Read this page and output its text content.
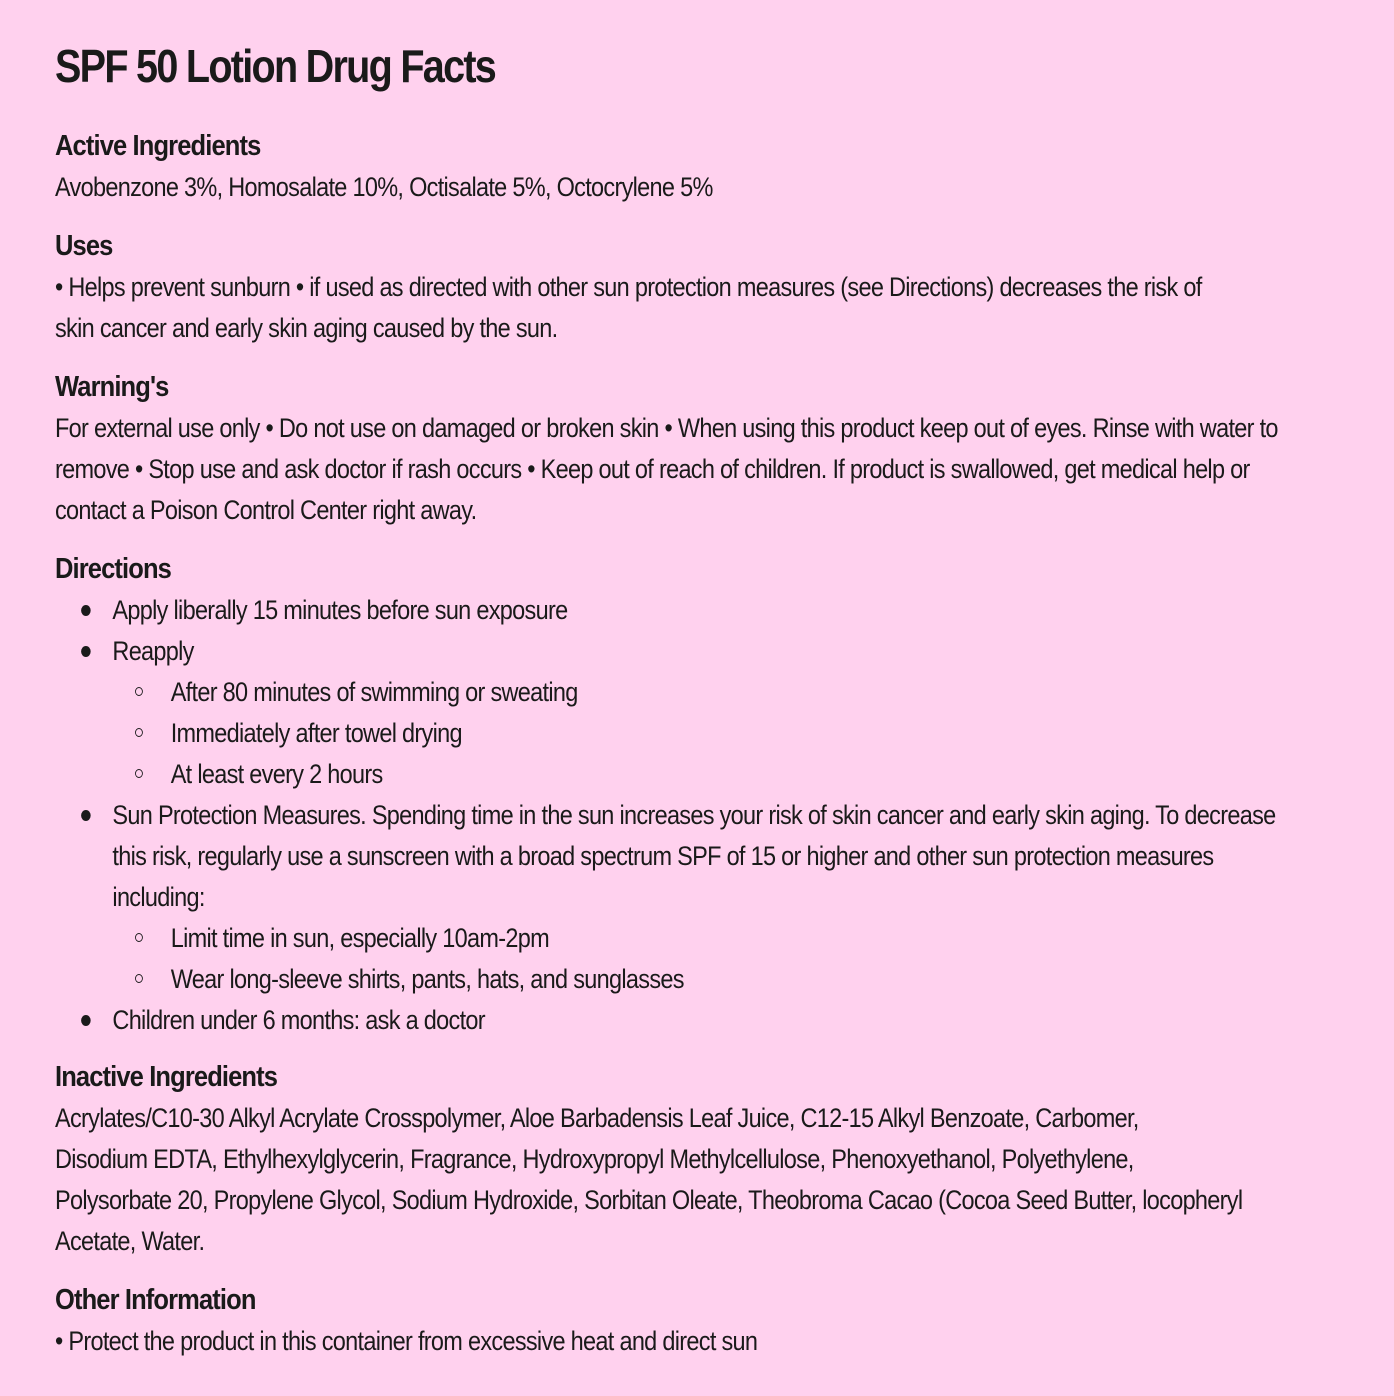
SPF 50 Lotion Drug Facts
Active Ingredients
Avobenzone 3%, Homosalate 10%, Octisalate 5%, Octocrylene 5%
Uses
• Helps prevent sunburn • if used as directed with other sun protection measures (see Directions) decreases the risk of
skin cancer and early skin aging caused by the sun.
Warning's
For external use only • Do not use on damaged or broken skin • When using this product keep out of eyes. Rinse with water to
remove • Stop use and ask doctor if rash occurs • Keep out of reach of children. If product is swallowed, get medical help or
contact a Poison Control Center right away.
Directions
Apply liberally 15 minutes before sun exposure
Reapply
After 80 minutes of swimming or sweating
Immediately after towel drying
At least every 2 hours
Sun Protection Measures. Spending time in the sun increases your risk of skin cancer and early skin aging. To decrease
this risk, regularly use a sunscreen with a broad spectrum SPF of 15 or higher and other sun protection measures
including:
Limit time in sun, especially 10am-2pm
Wear long-sleeve shirts, pants, hats, and sunglasses
Children under 6 months: ask a doctor
Inactive Ingredients
Acrylates/C10-30 Alkyl Acrylate Crosspolymer, Aloe Barbadensis Leaf Juice, C12-15 Alkyl Benzoate, Carbomer,
Disodium EDTA, Ethylhexylglycerin, Fragrance, Hydroxypropyl Methylcellulose, Phenoxyethanol, Polyethylene,
Polysorbate 20, Propylene Glycol, Sodium Hydroxide, Sorbitan Oleate, Theobroma Cacao (Cocoa Seed Butter, locopheryl
Acetate, Water.
Other Information
• Protect the product in this container from excessive heat and direct sun
